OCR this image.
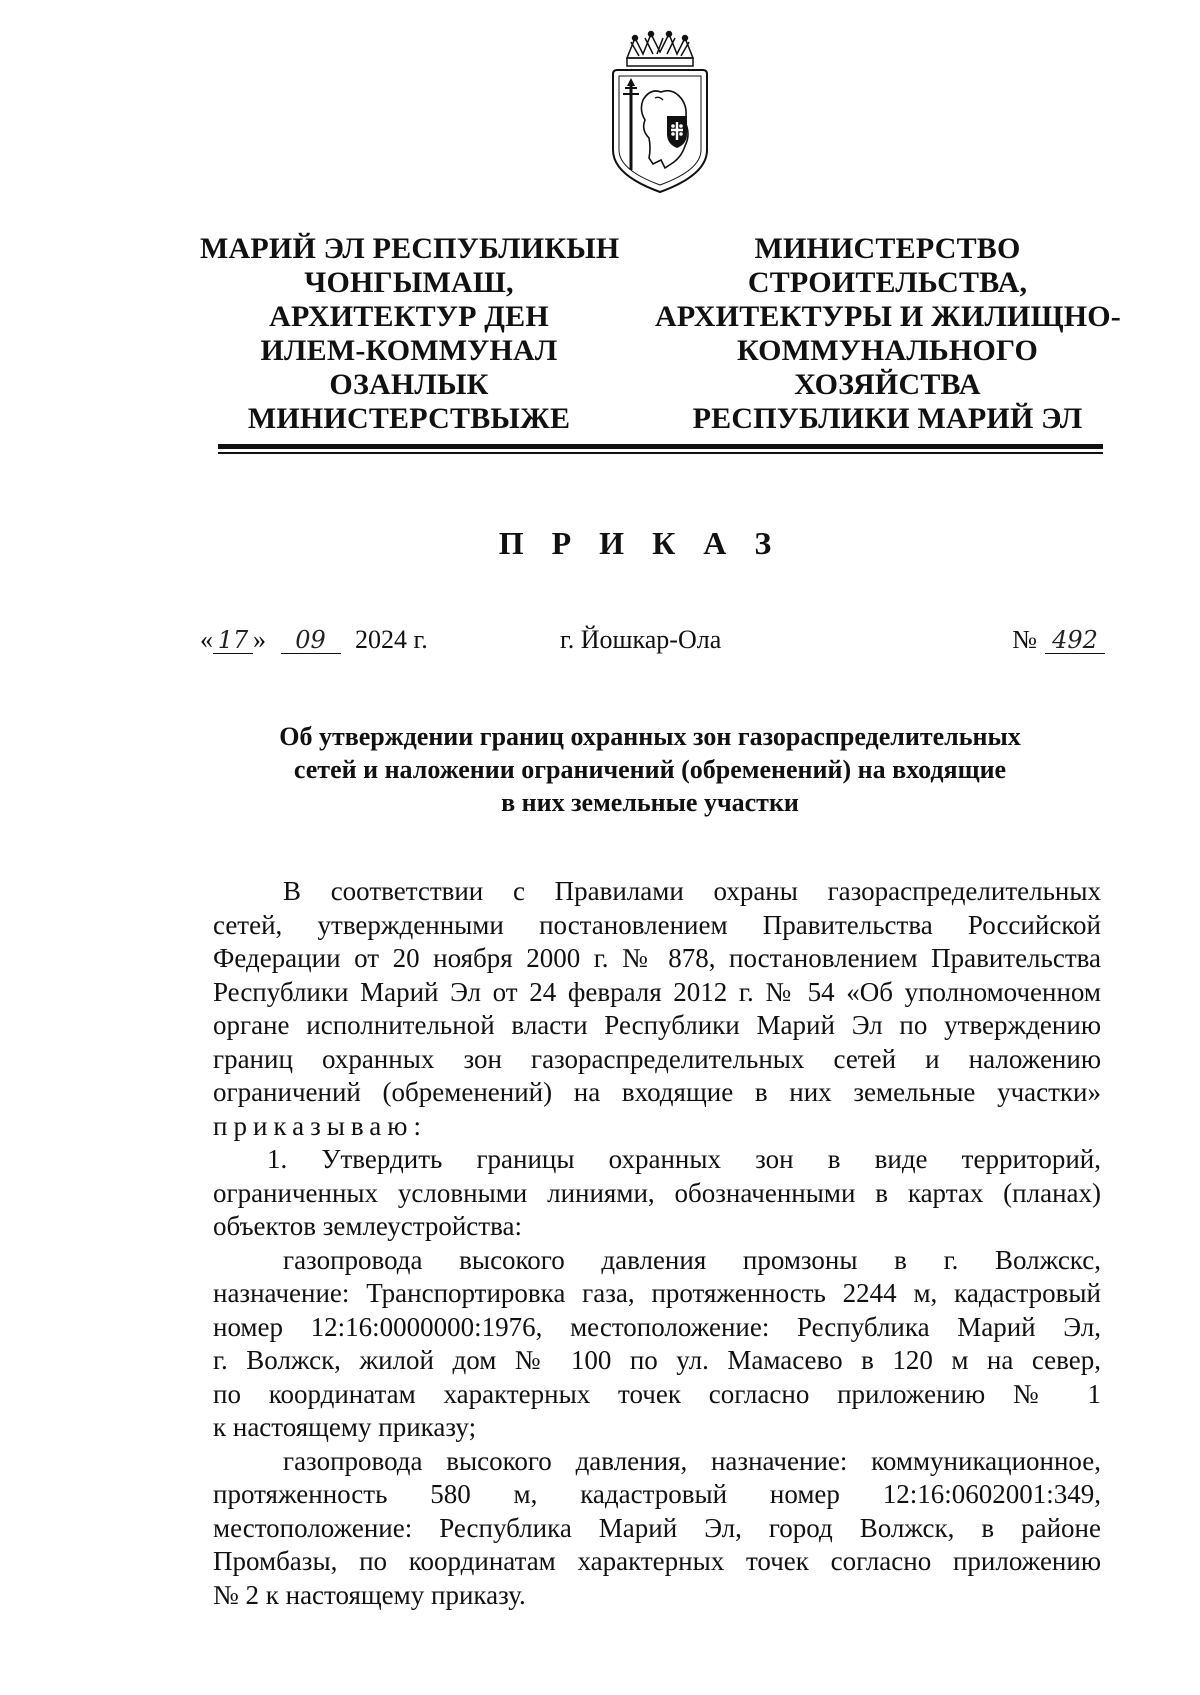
МАРИЙ ЭЛ РЕСПУБЛИКЫН
ЧОНГЫМАШ,
АРХИТЕКТУР ДЕН
ИЛЕМ-КОММУНАЛ
ОЗАНЛЫК
МИНИСТЕРСТВЫЖЕ
МИНИСТЕРСТВО
СТРОИТЕЛЬСТВА,
АРХИТЕКТУРЫ И ЖИЛИЩНО-
КОММУНАЛЬНОГО
ХОЗЯЙСТВА
РЕСПУБЛИКИ МАРИЙ ЭЛ
П Р И К А З
« 17 » 09 2024 г.	г. Йошкар-Ола	№ 492
Об утверждении границ охранных зон газораспределительных
сетей и наложении ограничений (обременений) на входящие
в них земельные участки
В соответствии с Правилами охраны газораспределительных
сетей, утвержденными постановлением Правительства Российской
Федерации от 20 ноября 2000 г. № 878, постановлением Правительства
Республики Марий Эл от 24 февраля 2012 г. № 54 «Об уполномоченном
органе исполнительной власти Республики Марий Эл по утверждению
границ охранных зон газораспределительных сетей и наложению
ограничений (обременений) на входящие в них земельные участки»
приказываю:
1. Утвердить границы охранных зон в виде территорий,
ограниченных условными линиями, обозначенными в картах (планах)
объектов землеустройства:
газопровода высокого давления промзоны в г. Волжскс,
назначение: Транспортировка газа, протяженность 2244 м, кадастровый
номер 12:16:0000000:1976, местоположение: Республика Марий Эл,
г. Волжск, жилой дом № 100 по ул. Мамасево в 120 м на север,
по координатам характерных точек согласно приложению № 1
к настоящему приказу;
газопровода высокого давления, назначение: коммуникационное,
протяженность 580 м, кадастровый номер 12:16:0602001:349,
местоположение: Республика Марий Эл, город Волжск, в районе
Промбазы, по координатам характерных точек согласно приложению
№ 2 к настоящему приказу.
